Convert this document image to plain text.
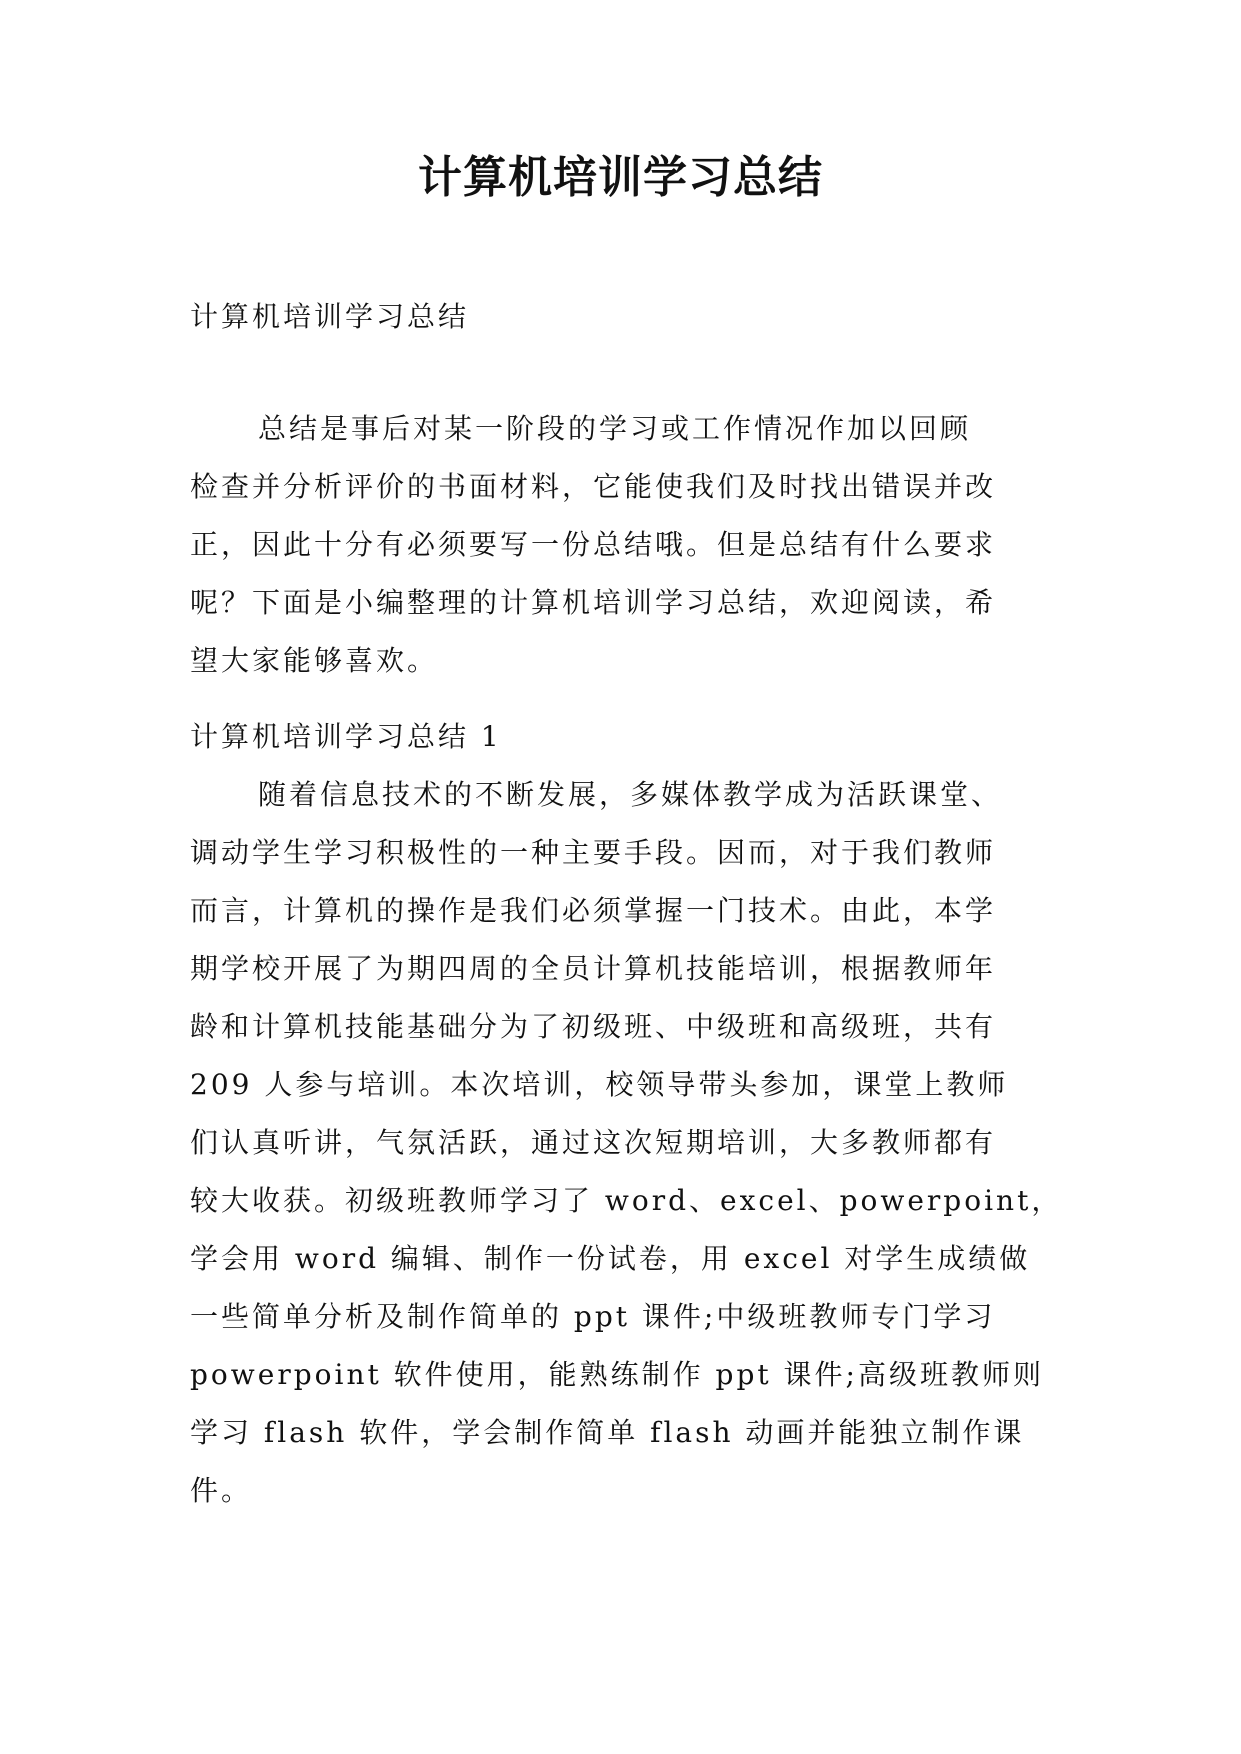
计算机培训学习总结
计算机培训学习总结
总结是事后对某一阶段的学习或工作情况作加以回顾
检查并分析评价的书面材料，它能使我们及时找出错误并改
正，因此十分有必须要写一份总结哦。但是总结有什么要求
呢？下面是小编整理的计算机培训学习总结，欢迎阅读，希
望大家能够喜欢。
计算机培训学习总结 1
随着信息技术的不断发展，多媒体教学成为活跃课堂、
调动学生学习积极性的一种主要手段。因而，对于我们教师
而言，计算机的操作是我们必须掌握一门技术。由此，本学
期学校开展了为期四周的全员计算机技能培训，根据教师年
龄和计算机技能基础分为了初级班、中级班和高级班，共有
209 人参与培训。本次培训，校领导带头参加，课堂上教师
们认真听讲，气氛活跃，通过这次短期培训，大多教师都有
较大收获。初级班教师学习了 word、excel、powerpoint，
学会用 word 编辑、制作一份试卷，用 excel 对学生成绩做
一些简单分析及制作简单的 ppt 课件;中级班教师专门学习
powerpoint 软件使用，能熟练制作 ppt 课件;高级班教师则
学习 flash 软件，学会制作简单 flash 动画并能独立制作课
件。
